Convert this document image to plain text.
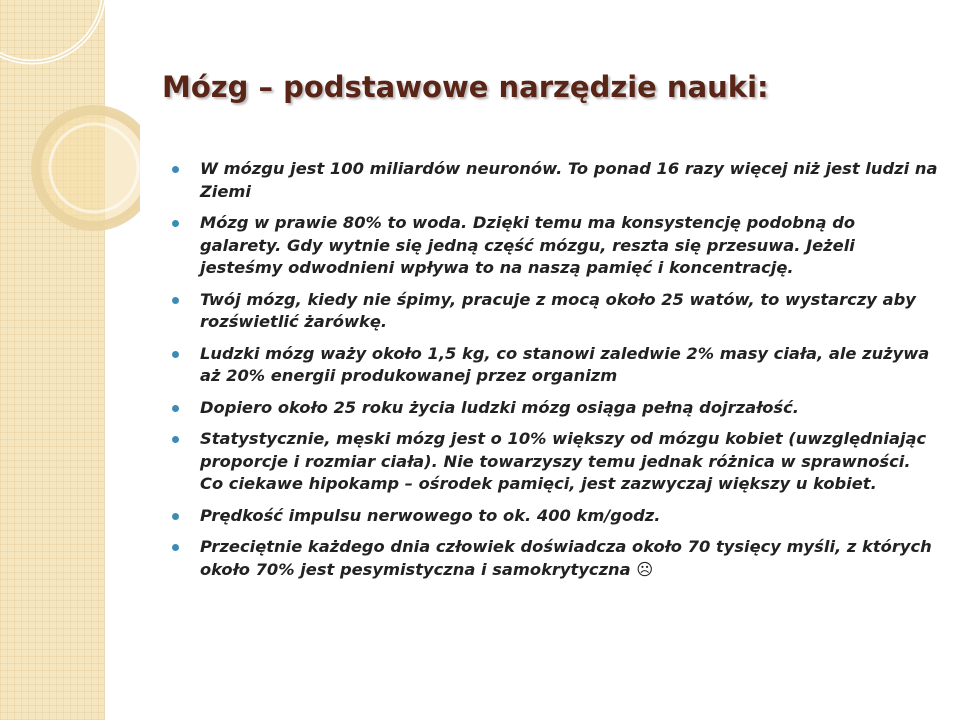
Mózg – podstawowe narzędzie nauki:
W mózgu jest 100 miliardów neuronów. To ponad 16 razy więcej niż jest ludzi na Ziemi
Mózg w prawie 80% to woda. Dzięki temu ma konsystencję podobną do galarety. Gdy wytnie się jedną część mózgu, reszta się przesuwa. Jeżeli jesteśmy odwodnieni wpływa to na naszą pamięć i koncentrację.
Twój mózg, kiedy nie śpimy, pracuje z mocą około 25 watów, to wystarczy aby rozświetlić żarówkę.
Ludzki mózg waży około 1,5 kg, co stanowi zaledwie 2% masy ciała, ale zużywa aż 20% energii produkowanej przez organizm
Dopiero około 25 roku życia ludzki mózg osiąga pełną dojrzałość.
Statystycznie, męski mózg jest o 10% większy od mózgu kobiet (uwzględniając proporcje i rozmiar ciała). Nie towarzyszy temu jednak różnica w sprawności. Co ciekawe hipokamp – ośrodek pamięci, jest zazwyczaj większy u kobiet.
Prędkość impulsu nerwowego to ok. 400 km/godz.
Przeciętnie każdego dnia człowiek doświadcza około 70 tysięcy myśli, z których około 70% jest pesymistyczna i samokrytyczna ☹
